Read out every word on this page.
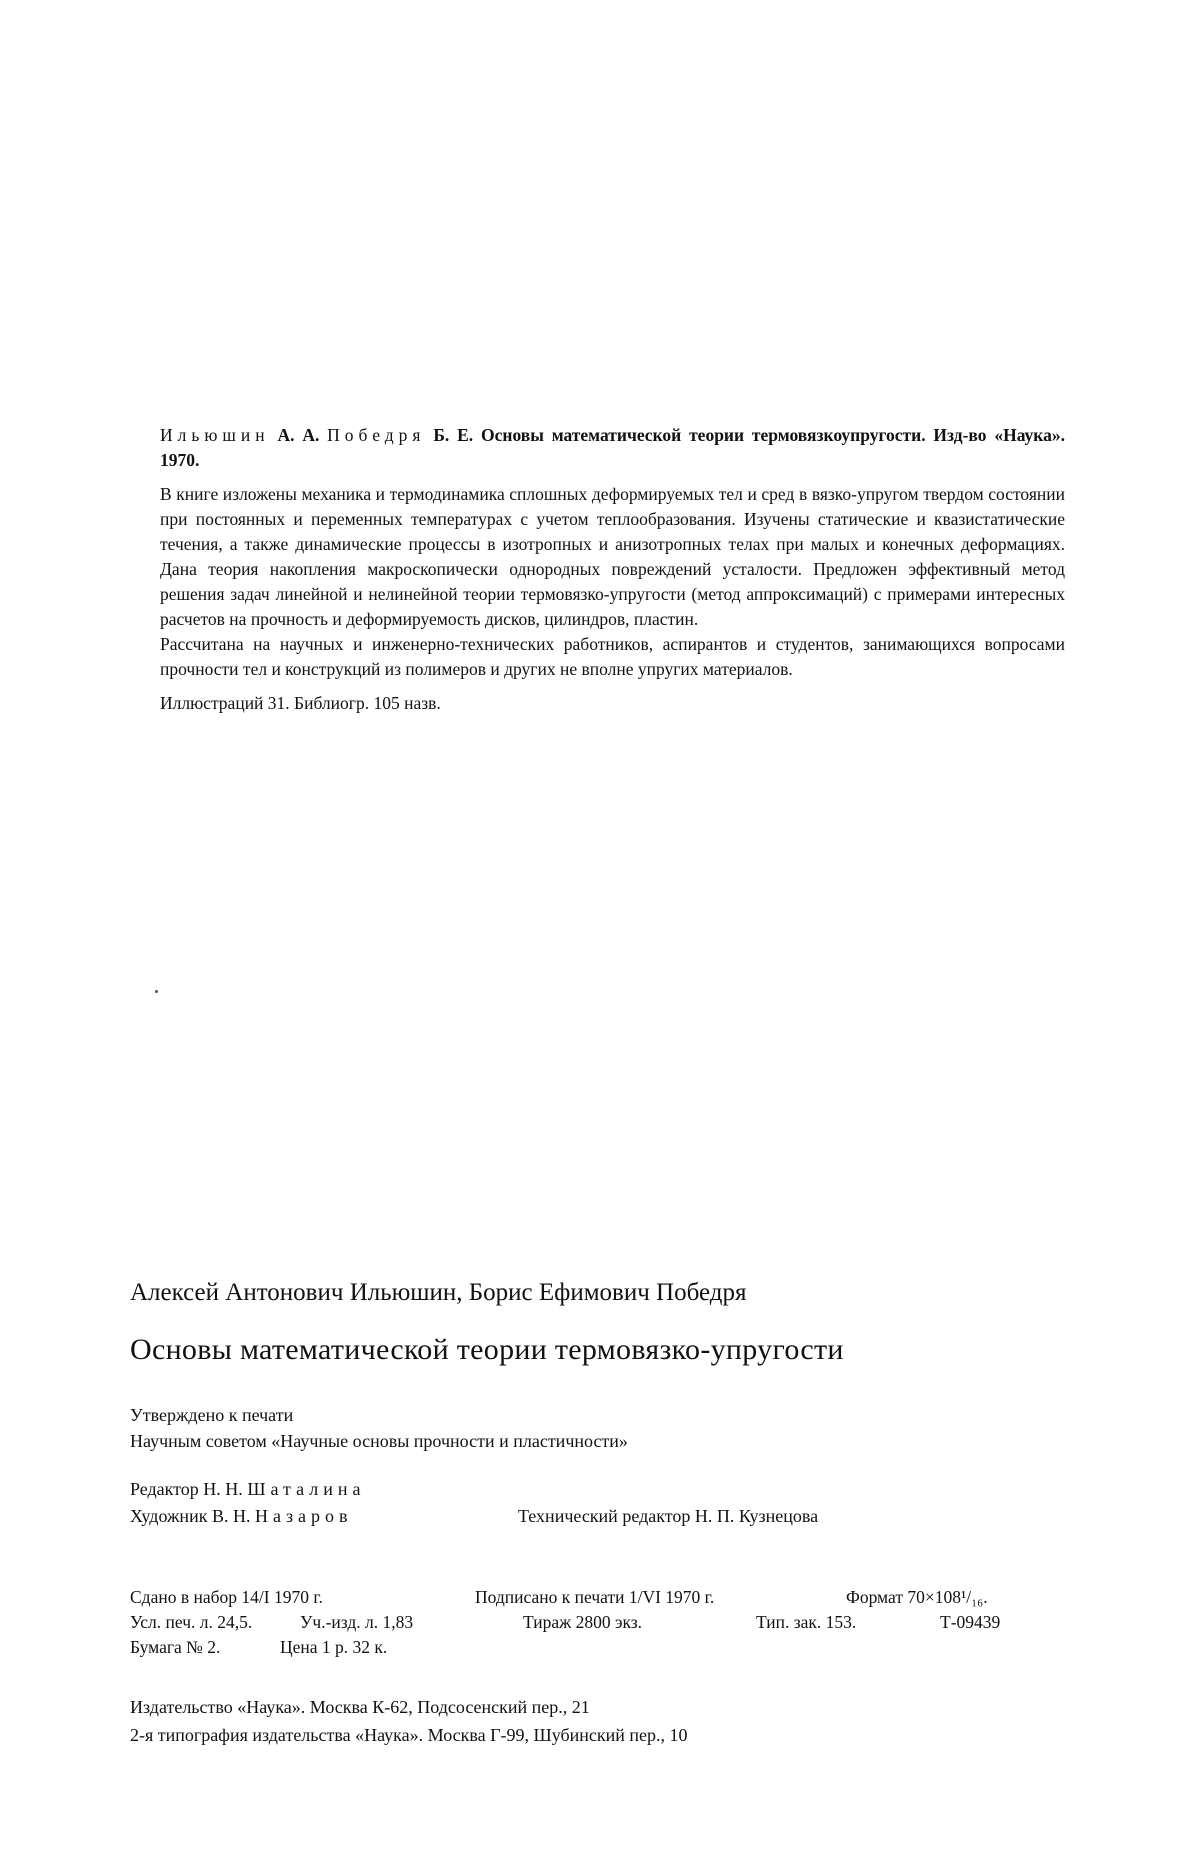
Ильюшин А. А. Победря Б. Е. Основы математической теории термовязкоупругости. Изд-во «Наука». 1970.

В книге изложены механика и термодинамика сплошных деформируемых тел и сред в вязко-упругом твердом состоянии при постоянных и переменных температурах с учетом теплообразования. Изучены статические и квазистатические течения, а также динамические процессы в изотропных и анизотропных телах при малых и конечных деформациях. Дана теория накопления макроскопически однородных повреждений усталости. Предложен эффективный метод решения задач линейной и нелинейной теории термовязко-упругости (метод аппроксимаций) с примерами интересных расчетов на прочность и деформируемость дисков, цилиндров, пластин.

Рассчитана на научных и инженерно-технических работников, аспирантов и студентов, занимающихся вопросами прочности тел и конструкций из полимеров и других не вполне упругих материалов.

Иллюстраций 31. Библиогр. 105 назв.

Алексей Антонович Ильюшин, Борис Ефимович Победря
Основы математической теории термовязко-упругости

Утверждено к печати

Научным советом «Научные основы прочности и пластичности»

Редактор Н. Н. Шаталина
Художник В. Н. Назаров	Технический редактор Н. П. Кузнецова
Сдано в набор 14/I 1970 г.	Подписано к печати 1/VI 1970 г.	Формат 70×108¹/₁₆.
Усл. печ. л. 24,5.	Уч.-изд. л. 1,83	Тираж 2800 экз.	Тип. зак. 153.	Т-09439
Бумага № 2.	Цена 1 р. 32 к.

Издательство «Наука». Москва К-62, Подсосенский пер., 21

2-я типография издательства «Наука». Москва Г-99, Шубинский пер., 10
